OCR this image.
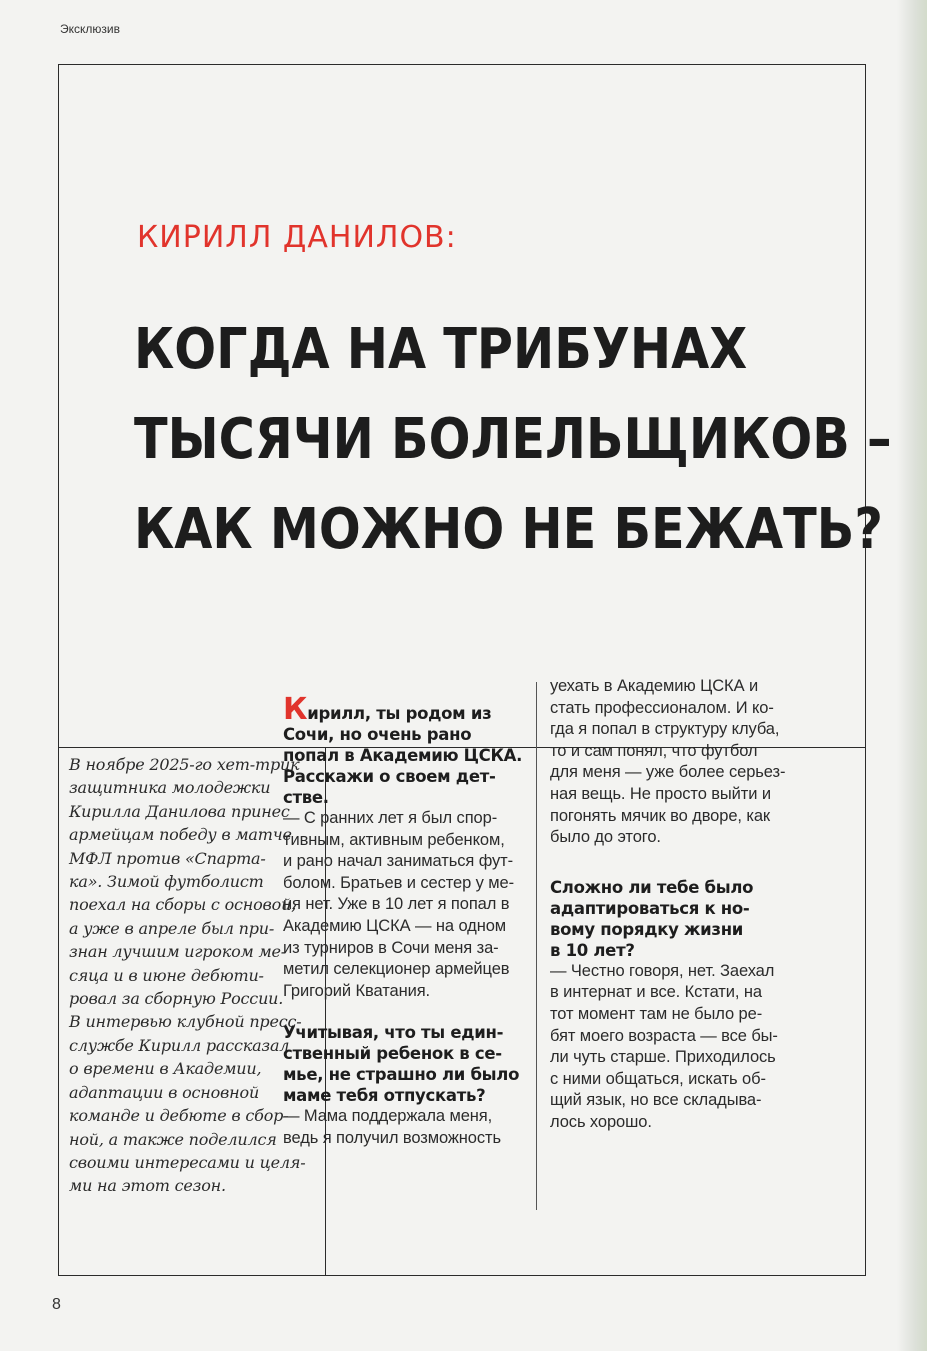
Эксклюзив
КИРИЛЛ ДАНИЛОВ:
КОГДА НА ТРИБУНАХ
ТЫСЯЧИ БОЛЕЛЬЩИКОВ –
КАК МОЖНО НЕ БЕЖАТЬ?

В ноябре 2025-го хет-трик
защитника молодежки
Кирилла Данилова принес
армейцам победу в матче
МФЛ против «Спарта-
ка». Зимой футболист
поехал на сборы с основой,
а уже в апреле был при-
знан лучшим игроком ме-
сяца и в июне дебюти-
ровал за сборную России.
В интервью клубной пресс-
службе Кирилл рассказал
о времени в Академии,
адаптации в основной
команде и дебюте в сбор-
ной, а также поделился
своими интересами и целя-
ми на этот сезон.

Кирилл, ты родом из
Сочи, но очень рано
попал в Академию ЦСКА.
Расскажи о своем дет-
стве.

— С ранних лет я был спор-
тивным, активным ребенком,
и рано начал заниматься фут-
болом. Братьев и сестер у ме-
ня нет. Уже в 10 лет я попал в
Академию ЦСКА — на одном
из турниров в Сочи меня за-
метил селекционер армейцев
Григорий Кватания.

Учитывая, что ты един-
ственный ребенок в се-
мье, не страшно ли было
маме тебя отпускать?

— Мама поддержала меня,
ведь я получил возможность

уехать в Академию ЦСКА и
стать профессионалом. И ко-
гда я попал в структуру клуба,
то и сам понял, что футбол
для меня — уже более серьез-
ная вещь. Не просто выйти и
погонять мячик во дворе, как
было до этого.

Сложно ли тебе было
адаптироваться к но-
вому порядку жизни
в 10 лет?

— Честно говоря, нет. Заехал
в интернат и все. Кстати, на
тот момент там не было ре-
бят моего возраста — все бы-
ли чуть старше. Приходилось
с ними общаться, искать об-
щий язык, но все складыва-
лось хорошо.

8
